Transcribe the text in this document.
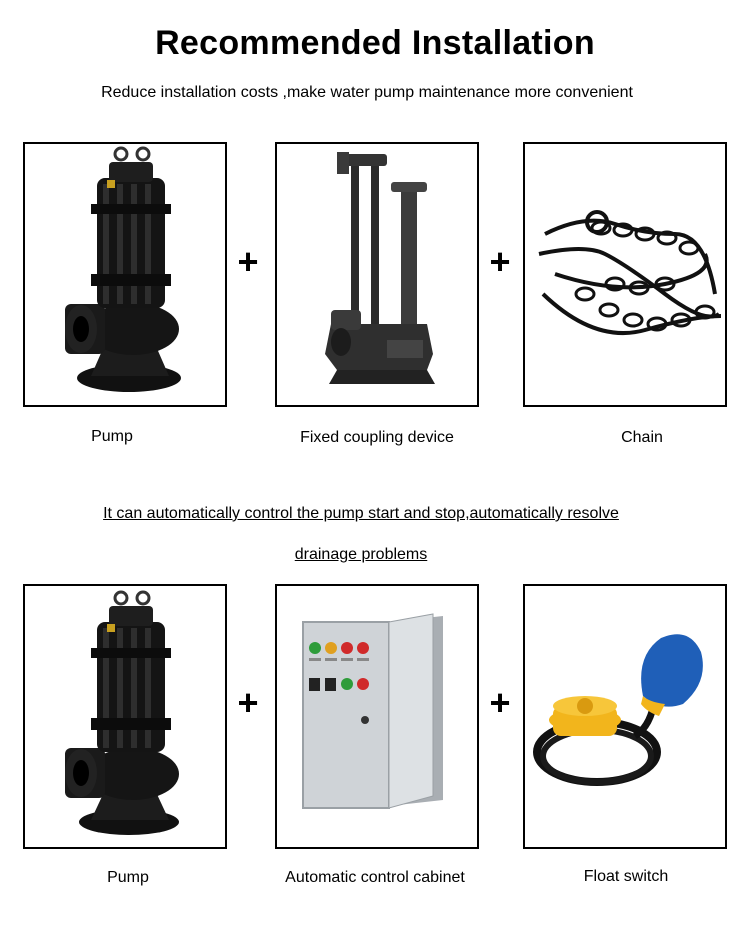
Recommended Installation
Reduce installation costs ,make water pump maintenance more convenient
+	+
Pump	Fixed coupling device	Chain
It can automatically control the pump start and stop,automatically resolve
drainage problems
+	+
Pump	Automatic control cabinet	Float switch
